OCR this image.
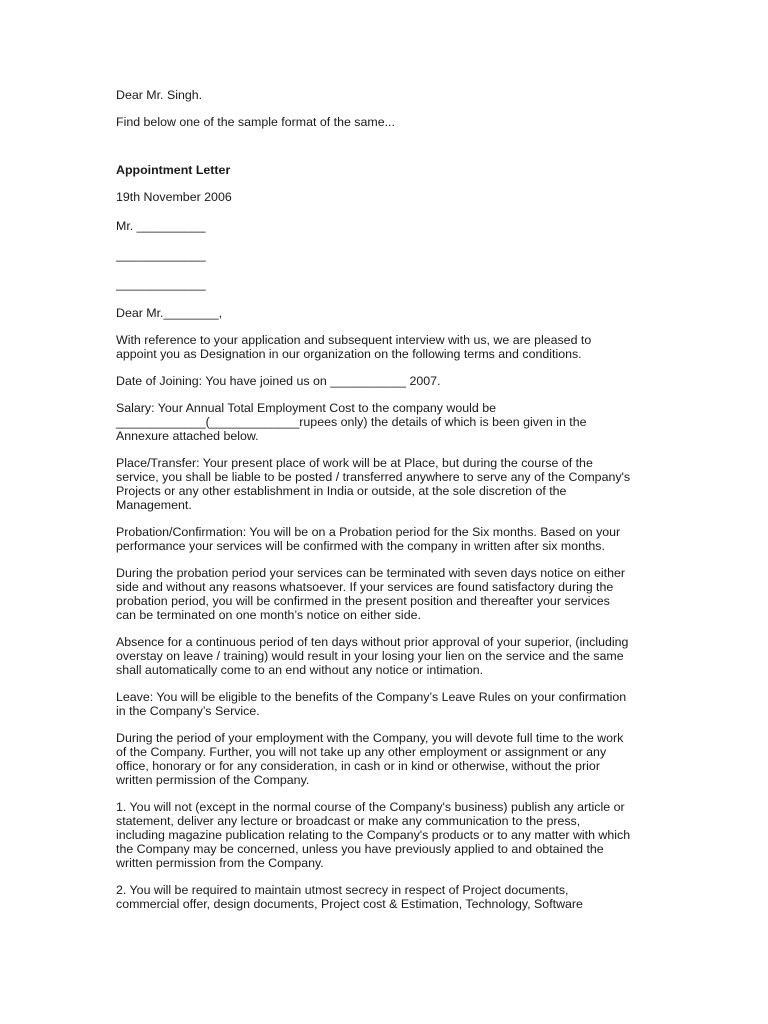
Dear Mr. Singh.

Find below one of the sample format of the same...

Appointment Letter

19th November 2006

Mr. __________

_____________

_____________

Dear Mr.________,

With reference to your application and subsequent interview with us, we are pleased to
appoint you as Designation in our organization on the following terms and conditions.

Date of Joining: You have joined us on ___________ 2007.

Salary: Your Annual Total Employment Cost to the company would be
_____________(_____________rupees only) the details of which is been given in the
Annexure attached below.

Place/Transfer: Your present place of work will be at Place, but during the course of the
service, you shall be liable to be posted / transferred anywhere to serve any of the Company's
Projects or any other establishment in India or outside, at the sole discretion of the
Management.

Probation/Confirmation: You will be on a Probation period for the Six months. Based on your
performance your services will be confirmed with the company in written after six months.

During the probation period your services can be terminated with seven days notice on either
side and without any reasons whatsoever. If your services are found satisfactory during the
probation period, you will be confirmed in the present position and thereafter your services
can be terminated on one month’s notice on either side.

Absence for a continuous period of ten days without prior approval of your superior, (including
overstay on leave / training) would result in your losing your lien on the service and the same
shall automatically come to an end without any notice or intimation.

Leave: You will be eligible to the benefits of the Company’s Leave Rules on your confirmation
in the Company’s Service.

During the period of your employment with the Company, you will devote full time to the work
of the Company. Further, you will not take up any other employment or assignment or any
office, honorary or for any consideration, in cash or in kind or otherwise, without the prior
written permission of the Company.

1. You will not (except in the normal course of the Company's business) publish any article or
statement, deliver any lecture or broadcast or make any communication to the press,
including magazine publication relating to the Company's products or to any matter with which
the Company may be concerned, unless you have previously applied to and obtained the
written permission from the Company.

2. You will be required to maintain utmost secrecy in respect of Project documents,
commercial offer, design documents, Project cost & Estimation, Technology, Software
